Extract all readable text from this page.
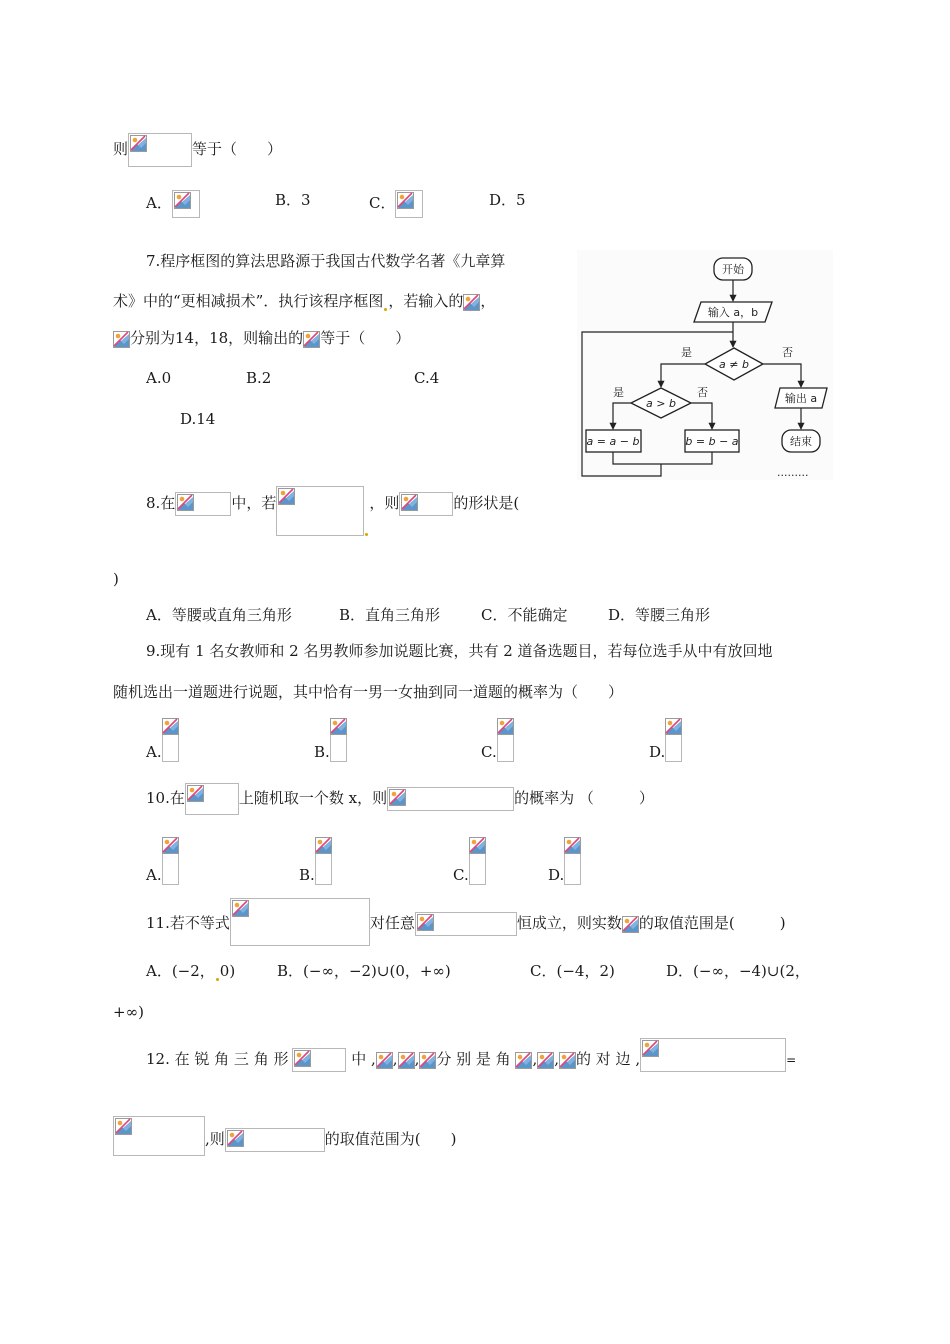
则	等于（　　）
A．	B．3	C．	D．5
7.程序框图的算法思路源于我国古代数学名著《九章算
术》中的“更相减损术”．执行该程序框图 ，若输入的 ，
分别为14，18，则输出的 等于（　　）
A.0	B.2	C.4
D.14
开始
输入 a，b
a ≠ b
是	否
a > b
是	否
a = a − b	b = b − a
输出 a
结束
·········
8.在	中，若	，则	的形状是(
)
A．等腰或直角三角形	B．直角三角形	C．不能确定	D．等腰三角形
9.现有 1 名女教师和 2 名男教师参加说题比赛，共有 2 道备选题目，若每位选手从中有放回地
随机选出一道题进行说题，其中恰有一男一女抽到同一道题的概率为（　　）
A.	B.	C.	D.
10.在	上随机取一个数 x，则	的概率为 （　　　）
A.	B.	C.	D.
11.若不等式	对任意	恒成立，则实数 的取值范围是(　　　)
A．(−2， 0)	B．(−∞，−2)∪(0，+∞)	C．(−4，2)	D．(−∞，−4)∪(2，
+∞)
12. 在 锐 角 三 角 形	中 , , , 分 别 是 角 , , 的 对 边 ,	=
,则	的取值范围为(　　)
